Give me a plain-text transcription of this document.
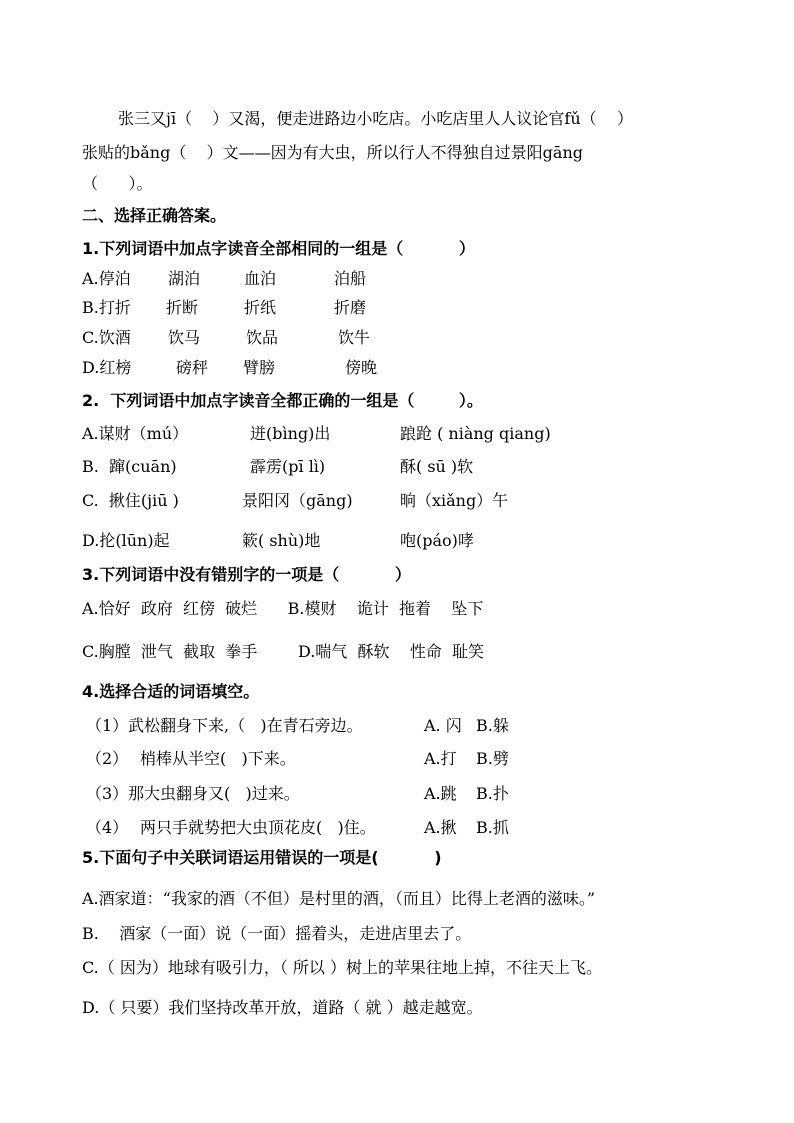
张三又jī（    ）又渴，便走进路边小吃店。小吃店里人人议论官fǔ（    ）
张贴的bǎng（    ）文——因为有大虫，所以行人不得独自过景阳gāng
（      ）。
二、选择正确答案。
1.下列词语中加点字读音全部相同的一组是（          ）
A.停泊 湖泊	血泊	泊船
B.打折 折断	折纸	折磨
C.饮酒 饮马	饮品	饮牛
D.红榜	磅秤 臂膀	傍晚
2.  下列词语中加点字读音全都正确的一组是（        ）。
A.谋财（mú）	迸(bìng)出	踉跄 ( niàng qiang)
B.  蹿(cuān)	霹雳(pī lì)	酥( sū )软
C.  揪住(jiū )	景阳冈（gāng)	晌（xiǎng）午
D.抡(lūn)起	簌( shù)地	咆(páo)哮
3.下列词语中没有错别字的一项是（          ）
A.恰好  政府  红傍  破烂      B.模财    诡计  拖着    坠下
C.胸膛  泄气  截取  拳手        D.喘气  酥软    性命  耻笑
4.选择合适的词语填空。
（1） 武松翻身下来,（   )在青石旁边。	A. 闪 B.躲
（2） 梢棒从半空(   )下来。	A.打 B.劈
（3） 那大虫翻身又(   )过来。	A.跳 B.扑
（4） 两只手就势把大虫顶花皮(   )住。	A.揪 B.抓
5.下面句子中关联词语运用错误的一项是(          )
A.酒家道：“我家的酒（不但）是村里的酒，（而且）比得上老酒的滋味。”
B.    酒家（一面）说（一面）摇着头，走进店里去了。
C.（ 因为）地球有吸引力，（ 所以 ）树上的苹果往地上掉，不往天上飞。
D.（ 只要）我们坚持改革开放，道路（ 就 ）越走越宽。
